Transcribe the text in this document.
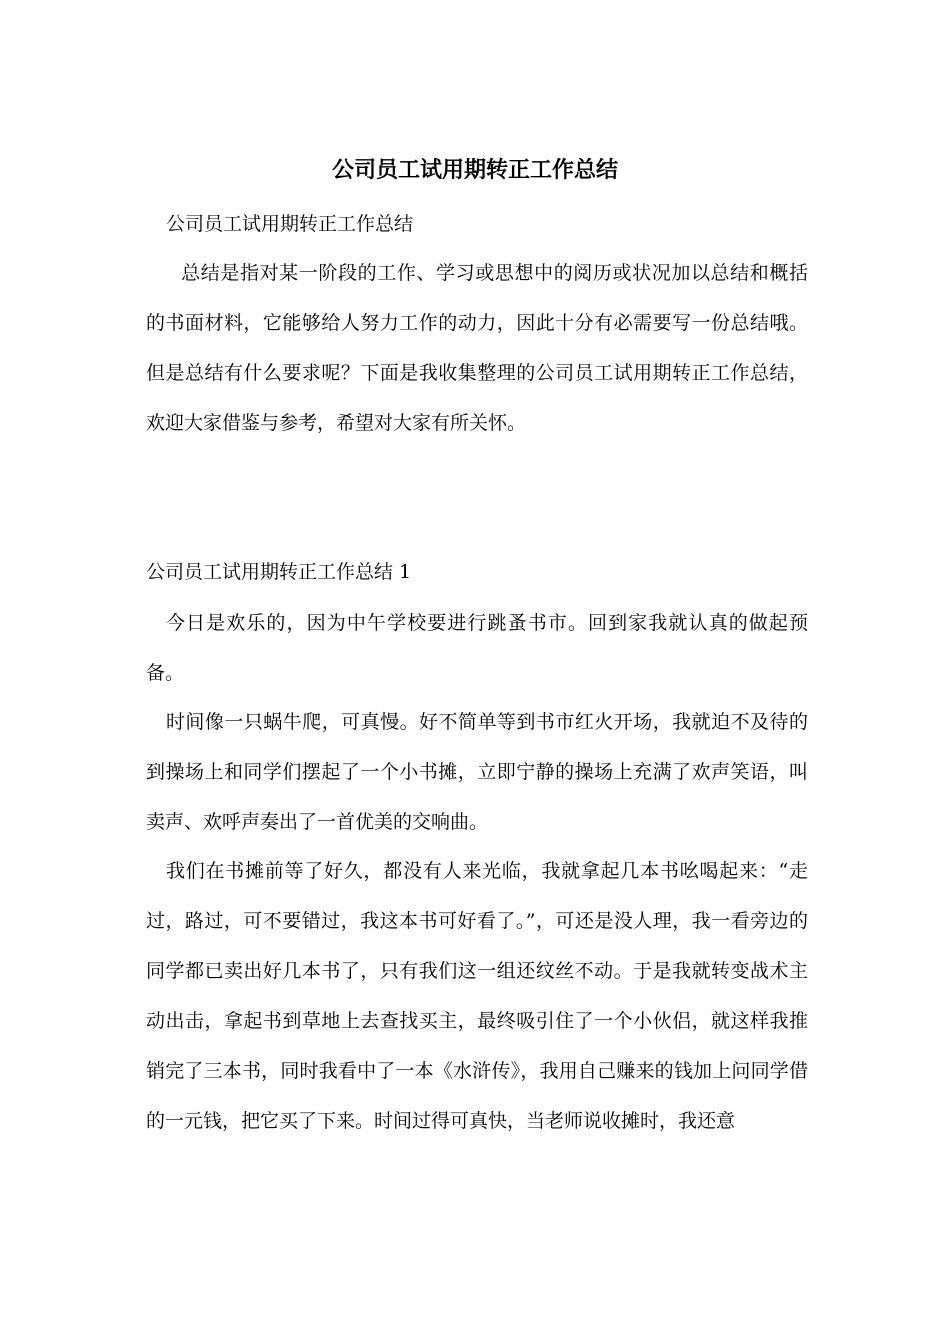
公司员工试用期转正工作总结

公司员工试用期转正工作总结

总结是指对某一阶段的工作、学习或思想中的阅历或状况加以总结和概括的书面材料，它能够给人努力工作的动力，因此十分有必需要写一份总结哦。但是总结有什么要求呢？下面是我收集整理的公司员工试用期转正工作总结，欢迎大家借鉴与参考，希望对大家有所关怀。

公司员工试用期转正工作总结 1

今日是欢乐的，因为中午学校要进行跳蚤书市。回到家我就认真的做起预备。

时间像一只蜗牛爬，可真慢。好不简单等到书市红火开场，我就迫不及待的到操场上和同学们摆起了一个小书摊，立即宁静的操场上充满了欢声笑语，叫卖声、欢呼声奏出了一首优美的交响曲。

我们在书摊前等了好久，都没有人来光临，我就拿起几本书吆喝起来：“走过，路过，可不要错过，我这本书可好看了。”，可还是没人理，我一看旁边的同学都已卖出好几本书了，只有我们这一组还纹丝不动。于是我就转变战术主动出击，拿起书到草地上去查找买主，最终吸引住了一个小伙侣，就这样我推销完了三本书，同时我看中了一本《水浒传》，我用自己赚来的钱加上问同学借的一元钱，把它买了下来。时间过得可真快，当老师说收摊时，我还意
